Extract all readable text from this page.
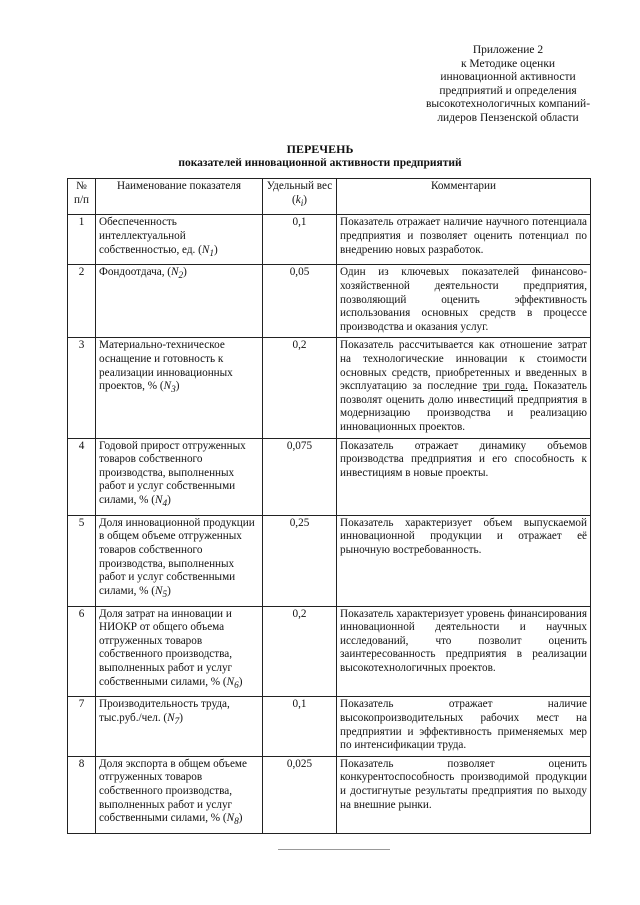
Приложение 2
к Методике оценки
инновационной активности
предприятий и определения
высокотехнологичных компаний-
лидеров Пензенской области
ПЕРЕЧЕНЬ
показателей инновационной активности предприятий
№ п/п	Наименование показателя	Удельный вес $(k_i)$	Комментарии
1	Обеспеченность интеллектуальной собственностью, ед. $(N_1)$	0,1	Показатель отражает наличие научного потенциала предприятия и позволяет оценить потенциал по внедрению новых разработок.
2	Фондоотдача, $(N_2)$	0,05	Один из ключевых показателей финансово-хозяйственной деятельности предприятия, позволяющий оценить эффективность использования основных средств в процессе производства и оказания услуг.
3	Материально-техническое оснащение и готовность к реализации инновационных проектов, % $(N_3)$	0,2	Показатель рассчитывается как отношение затрат на технологические инновации к стоимости основных средств, приобретенных и введенных в эксплуатацию за последние три года. Показатель позволят оценить долю инвестиций предприятия в модернизацию производства и реализацию инновационных проектов.
4	Годовой прирост отгруженных товаров собственного производства, выполненных работ и услуг собственными силами, % $(N_4)$	0,075	Показатель отражает динамику объемов производства предприятия и его способность к инвестициям в новые проекты.
5	Доля инновационной продукции в общем объеме отгруженных товаров собственного производства, выполненных работ и услуг собственными силами, % $(N_5)$	0,25	Показатель характеризует объем выпускаемой инновационной продукции и отражает её рыночную востребованность.
6	Доля затрат на инновации и НИОКР от общего объема отгруженных товаров собственного производства, выполненных работ и услуг собственными силами, % $(N_6)$	0,2	Показатель характеризует уровень финансирования инновационной деятельности и научных исследований, что позволит оценить заинтересованность предприятия в реализации высокотехнологичных проектов.
7	Производительность труда, тыс.руб./чел. $(N_7)$	0,1	Показатель отражает наличие высокопроизводительных рабочих мест на предприятии и эффективность применяемых мер по интенсификации труда.
8	Доля экспорта в общем объеме отгруженных товаров собственного производства, выполненных работ и услуг собственными силами, % $(N_8)$	0,025	Показатель позволяет оценить конкурентоспособность производимой продукции и достигнутые результаты предприятия по выходу на внешние рынки.
